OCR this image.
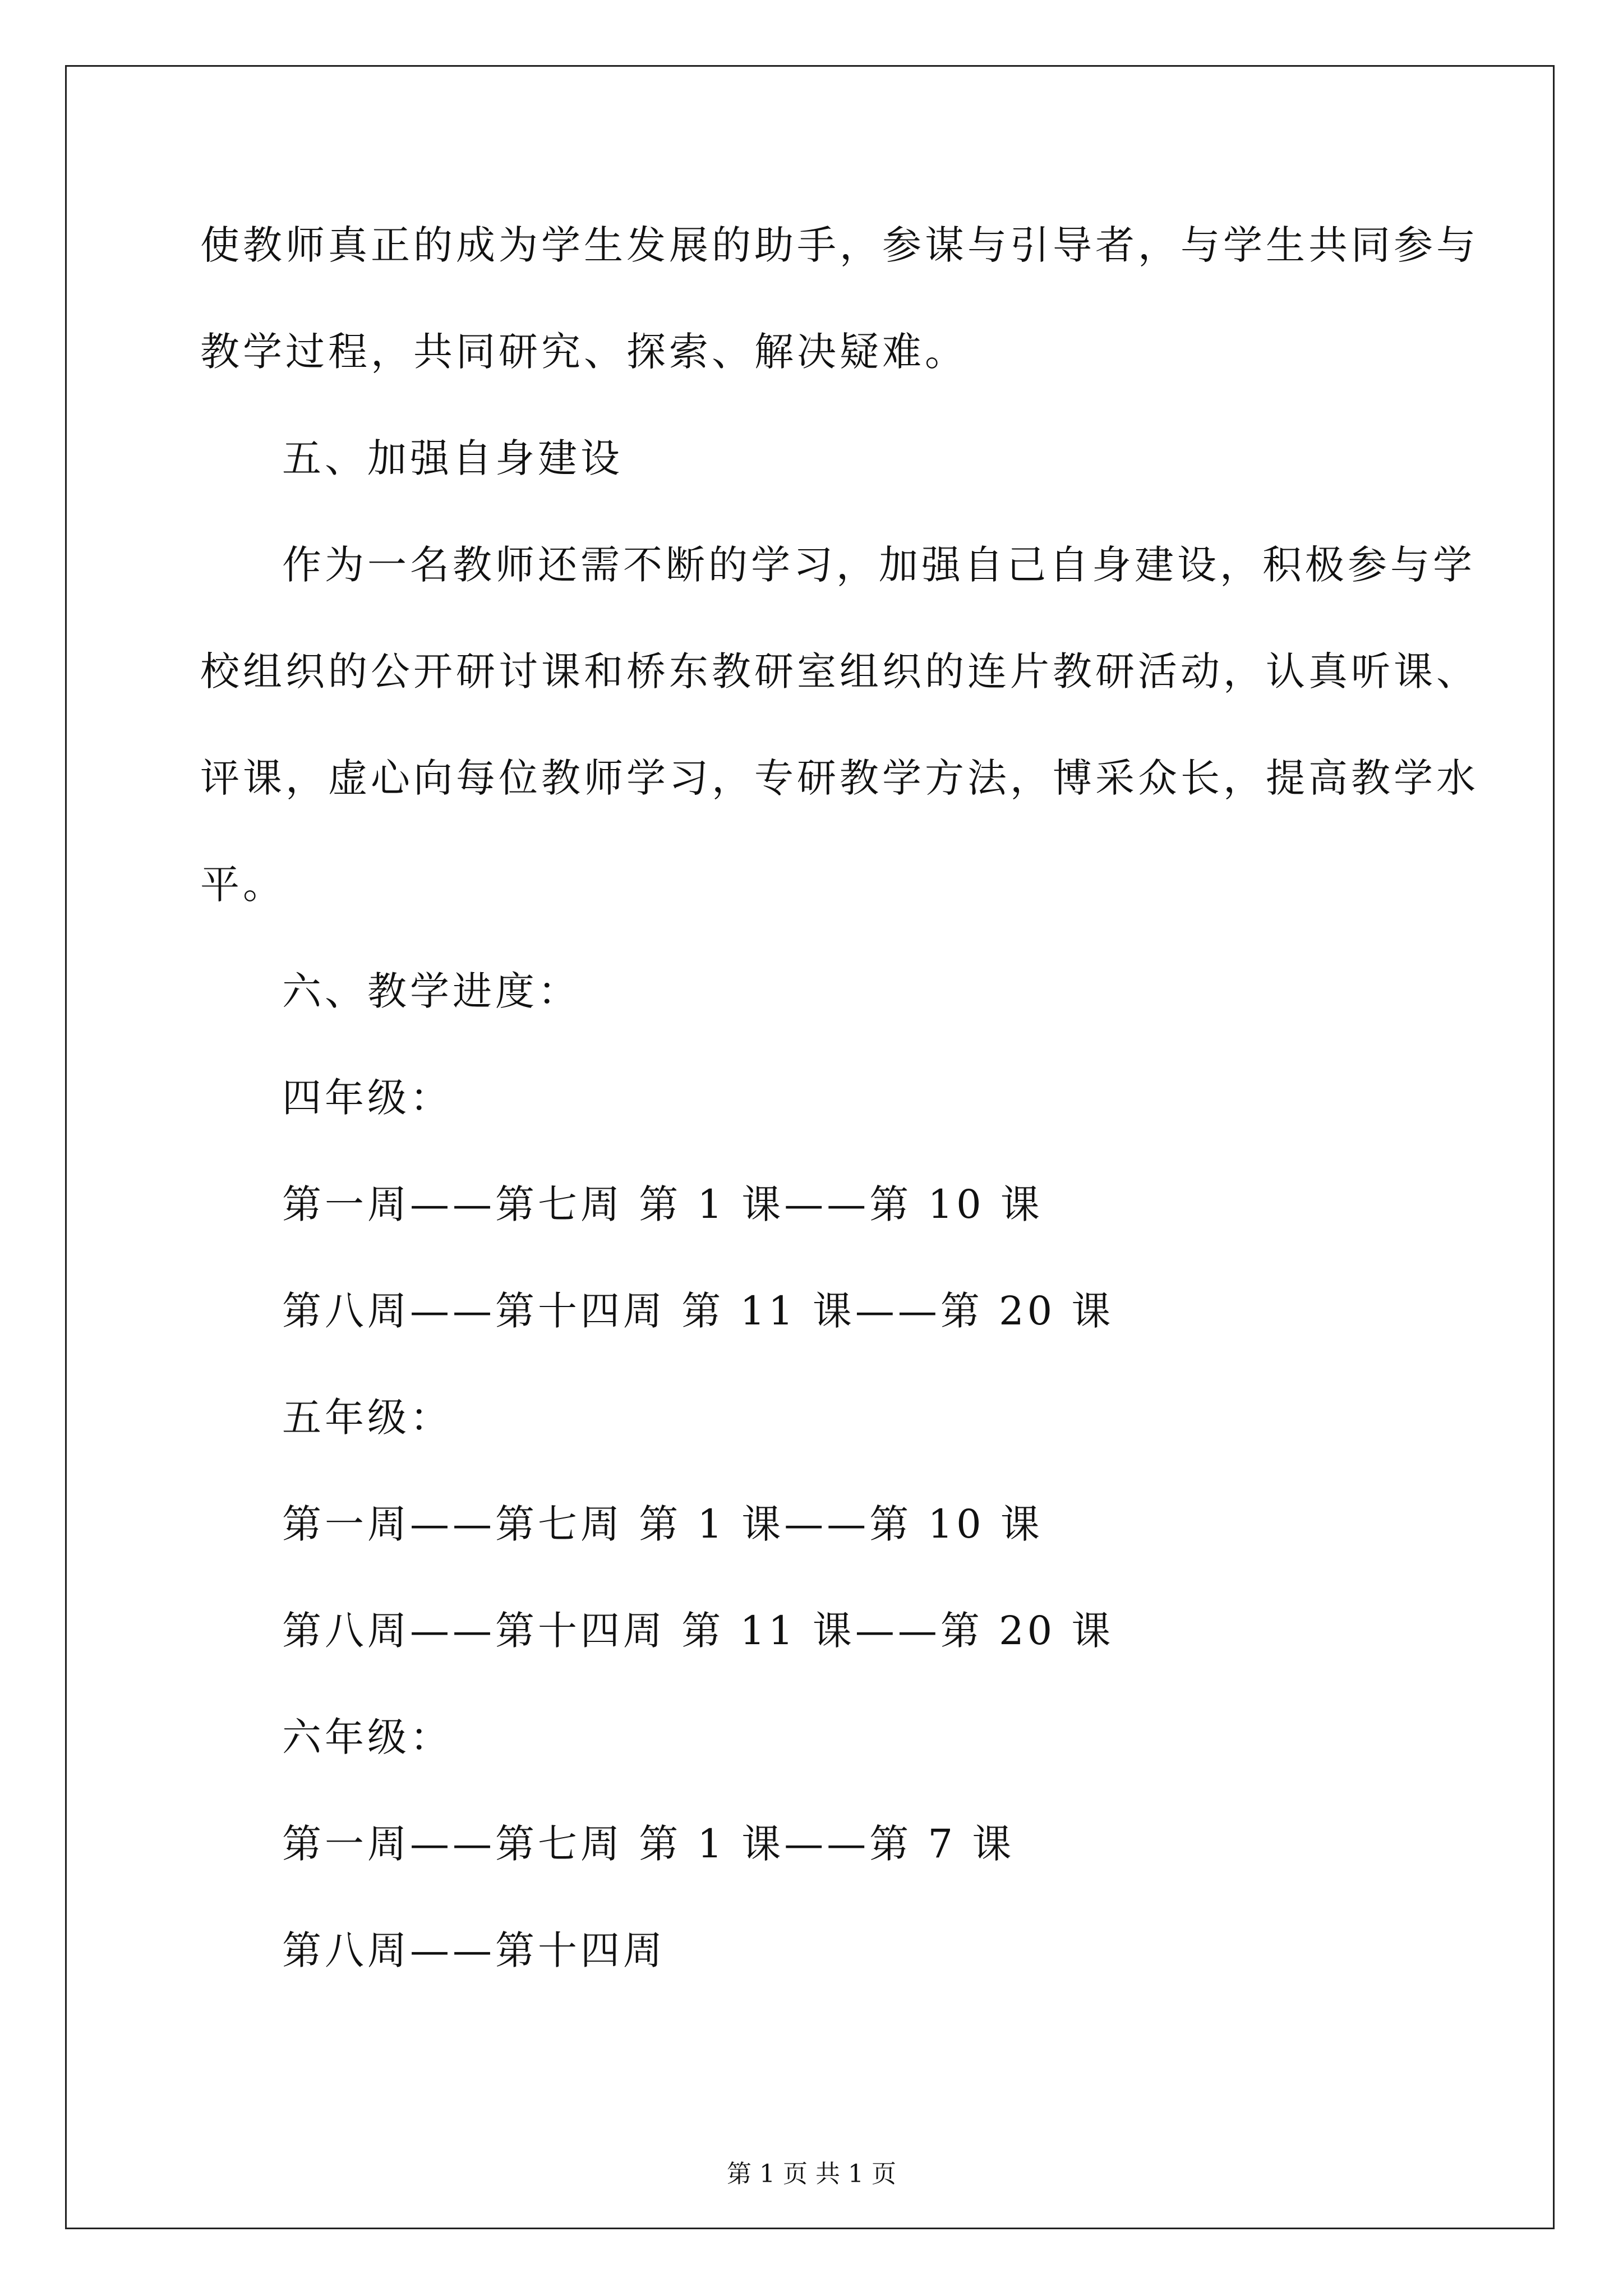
使教师真正的成为学生发展的助手，参谋与引导者，与学生共同参与
教学过程，共同研究、探索、解决疑难。
五、加强自身建设
作为一名教师还需不断的学习，加强自己自身建设，积极参与学
校组织的公开研讨课和桥东教研室组织的连片教研活动，认真听课、
评课，虚心向每位教师学习，专研教学方法，博采众长，提高教学水
平。
六、教学进度：
四年级：
第一周——第七周 第 1 课——第 10 课
第八周——第十四周 第 11 课——第 20 课
五年级：
第一周——第七周 第 1 课——第 10 课
第八周——第十四周 第 11 课——第 20 课
六年级：
第一周——第七周 第 1 课——第 7 课
第八周——第十四周
第 1 页 共 1 页
